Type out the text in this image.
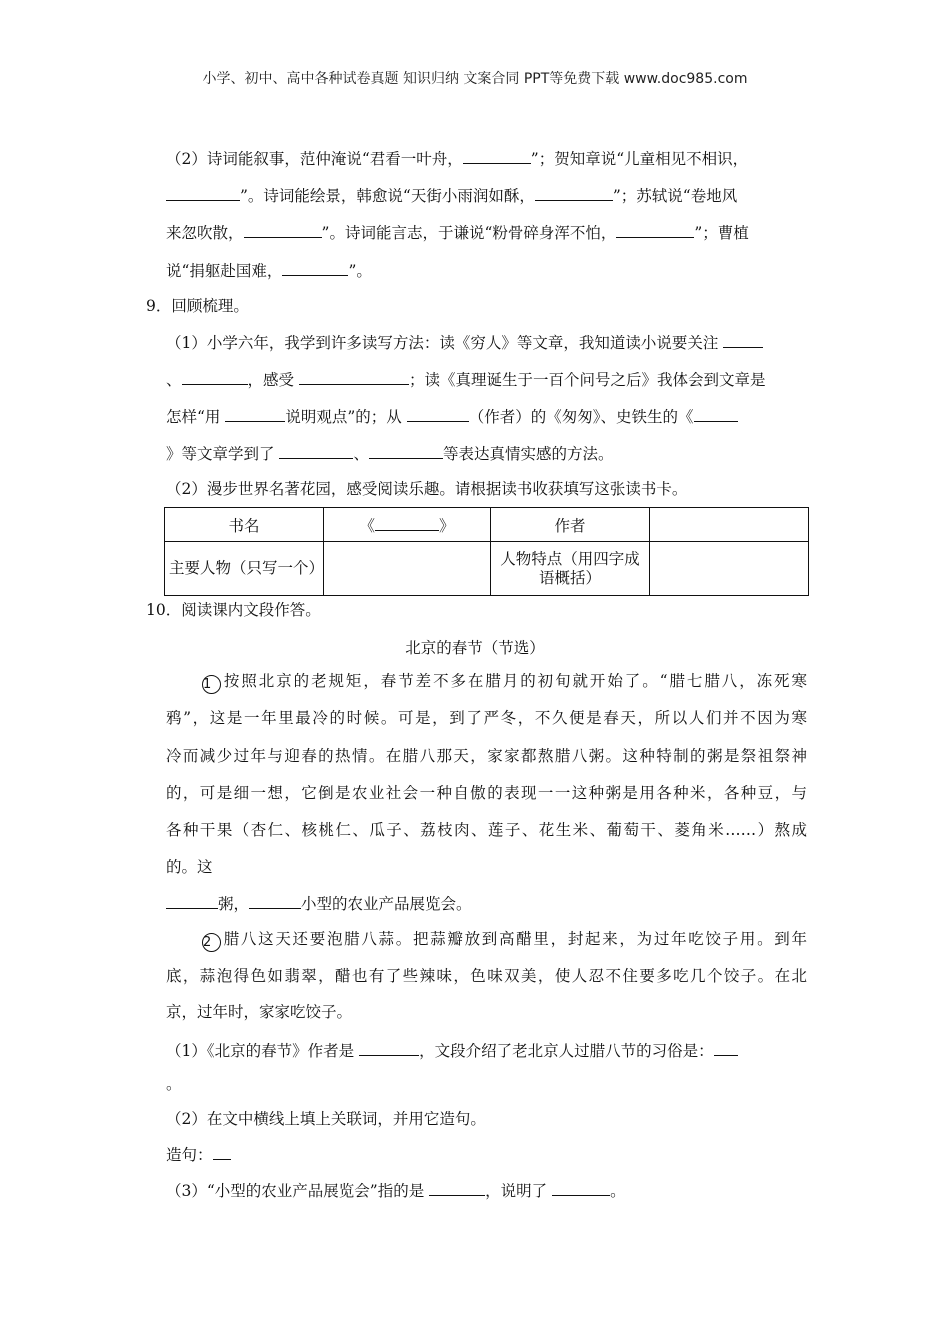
小学、初中、高中各种试卷真题 知识归纳 文案合同 PPT等免费下载 www.doc985.com
（2）诗词能叙事，范仲淹说“君看一叶舟，	”；贺知章说“儿童相见不相识，
”。诗词能绘景，韩愈说“天街小雨润如酥，	”；苏轼说“卷地风
来忽吹散，	”。诗词能言志，于谦说“粉骨碎身浑不怕，	”；曹植
说“捐躯赴国难，	”。
9．回顾梳理。
（1）小学六年，我学到许多读写方法：读《穷人》等文章，我知道读小说要关注
、	，感受	；读《真理诞生于一百个问号之后》我体会到文章是
怎样“用	说明观点”的；从	（作者）的《匆匆》、史铁生的《
》等文章学到了	、	等表达真情实感的方法。
（2）漫步世界名著花园，感受阅读乐趣。请根据读书收获填写这张读书卡。
书名	《 》	作者	
主要人物（只写一个）		人物特点（用四字成语概括）	
10．阅读课内文段作答。
北京的春节（节选）
1 按照北京的老规矩，春节差不多在腊月的初旬就开始了。“腊七腊八，冻死寒
鸦”，这是一年里最冷的时候。可是，到了严冬，不久便是春天，所以人们并不因为寒
冷而减少过年与迎春的热情。在腊八那天，家家都熬腊八粥。这种特制的粥是祭祖祭神
的，可是细一想，它倒是农业社会一种自傲的表现一一这种粥是用各种米，各种豆，与
各种干果（杏仁、核桃仁、瓜子、荔枝肉、莲子、花生米、葡萄干、菱角米……）熬成
的。这
粥，	小型的农业产品展览会。
2 腊八这天还要泡腊八蒜。把蒜瓣放到高醋里，封起来，为过年吃饺子用。到年
底，蒜泡得色如翡翠，醋也有了些辣味，色味双美，使人忍不住要多吃几个饺子。在北
京，过年时，家家吃饺子。
（1）《北京的春节》作者是	，文段介绍了老北京人过腊八节的习俗是：
。
（2）在文中横线上填上关联词，并用它造句。
造句：
（3）“小型的农业产品展览会”指的是	，说明了	。
